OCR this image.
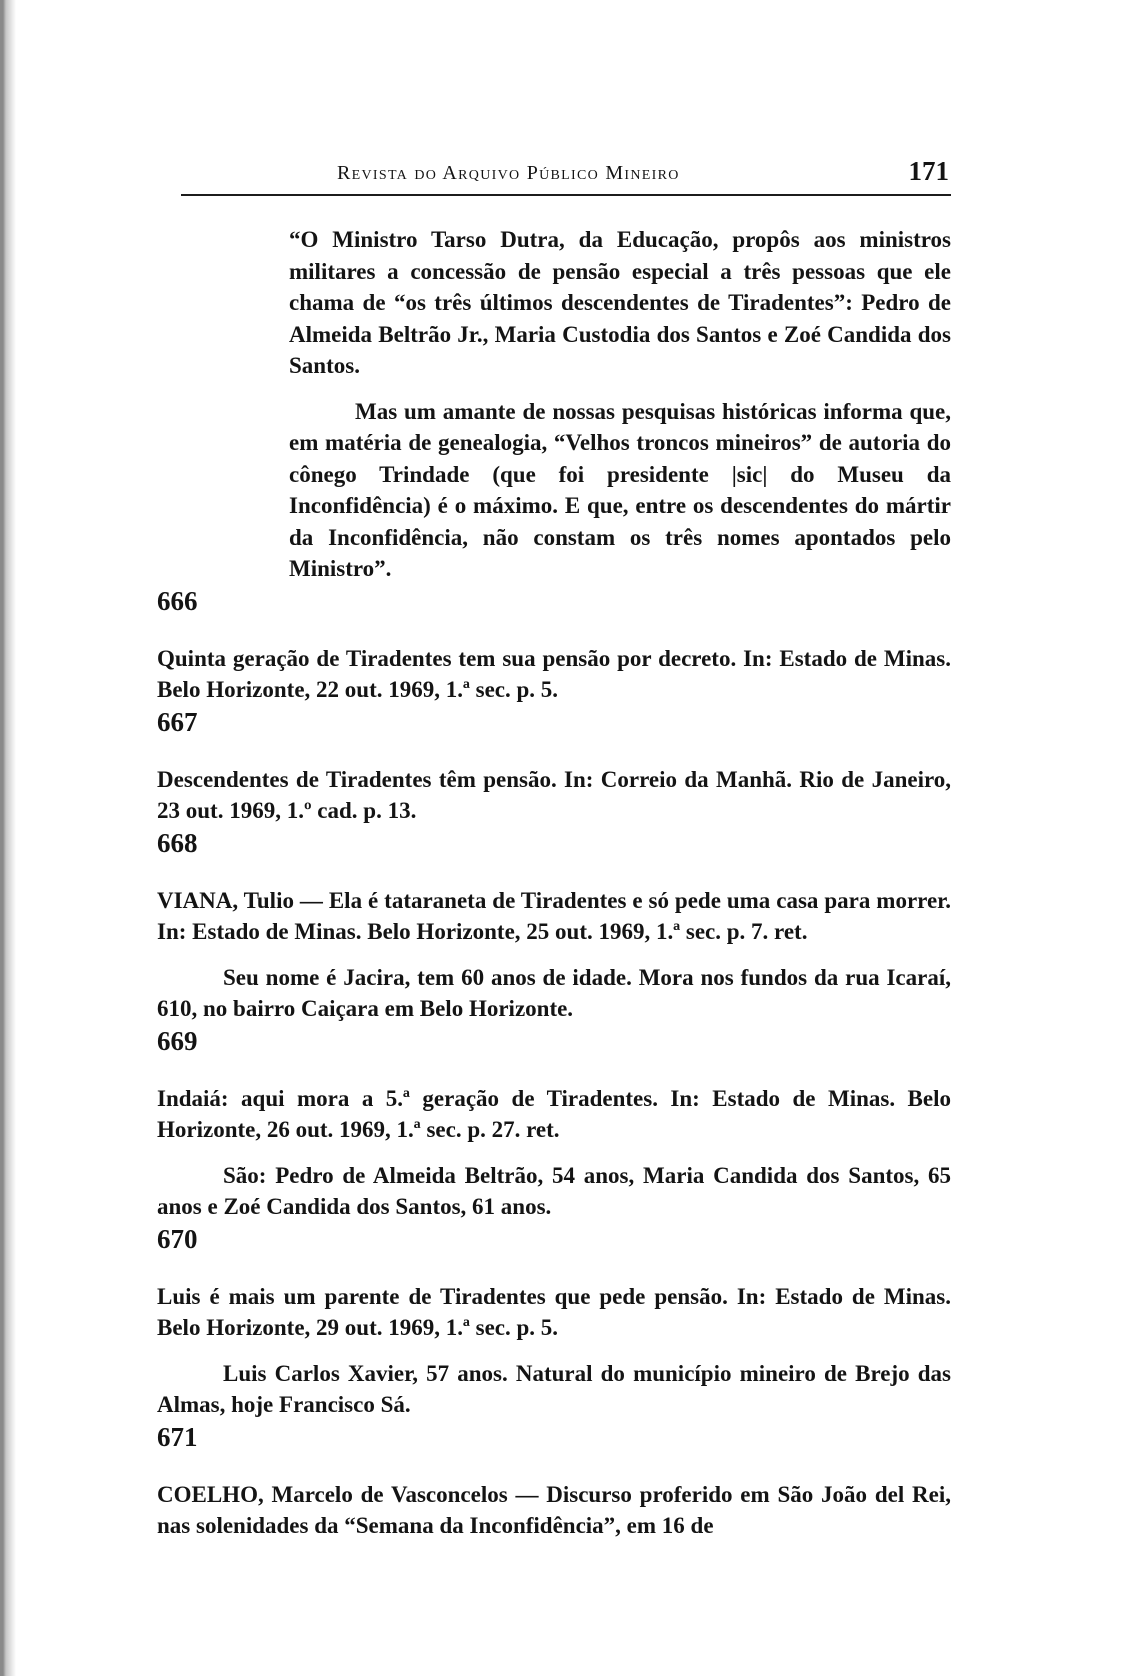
Revista do Arquivo Público Mineiro	171

“O Ministro Tarso Dutra, da Educação, propôs aos ministros militares a concessão de pensão especial a três pessoas que ele chama de “os três últimos descendentes de Tiradentes”: Pedro de Almeida Beltrão Jr., Maria Custodia dos Santos e Zoé Candida dos Santos.

Mas um amante de nossas pesquisas históricas informa que, em matéria de genealogia, “Velhos troncos mineiros” de autoria do cônego Trindade (que foi presidente |sic| do Museu da Inconfidência) é o máximo. E que, entre os descendentes do mártir da Inconfidência, não constam os três nomes apontados pelo Ministro”.

666

Quinta geração de Tiradentes tem sua pensão por decreto. In: Estado de Minas. Belo Horizonte, 22 out. 1969, 1.ª sec. p. 5.

667

Descendentes de Tiradentes têm pensão. In: Correio da Manhã. Rio de Janeiro, 23 out. 1969, 1.º cad. p. 13.

668

VIANA, Tulio — Ela é tataraneta de Tiradentes e só pede uma casa para morrer. In: Estado de Minas. Belo Horizonte, 25 out. 1969, 1.ª sec. p. 7. ret.

Seu nome é Jacira, tem 60 anos de idade. Mora nos fundos da rua Icaraí, 610, no bairro Caiçara em Belo Horizonte.

669

Indaiá: aqui mora a 5.ª geração de Tiradentes. In: Estado de Minas. Belo Horizonte, 26 out. 1969, 1.ª sec. p. 27. ret.

São: Pedro de Almeida Beltrão, 54 anos, Maria Candida dos Santos, 65 anos e Zoé Candida dos Santos, 61 anos.

670

Luis é mais um parente de Tiradentes que pede pensão. In: Estado de Minas. Belo Horizonte, 29 out. 1969, 1.ª sec. p. 5.

Luis Carlos Xavier, 57 anos. Natural do município mineiro de Brejo das Almas, hoje Francisco Sá.

671

COELHO, Marcelo de Vasconcelos — Discurso proferido em São João del Rei, nas solenidades da “Semana da Inconfidência”, em 16 de
